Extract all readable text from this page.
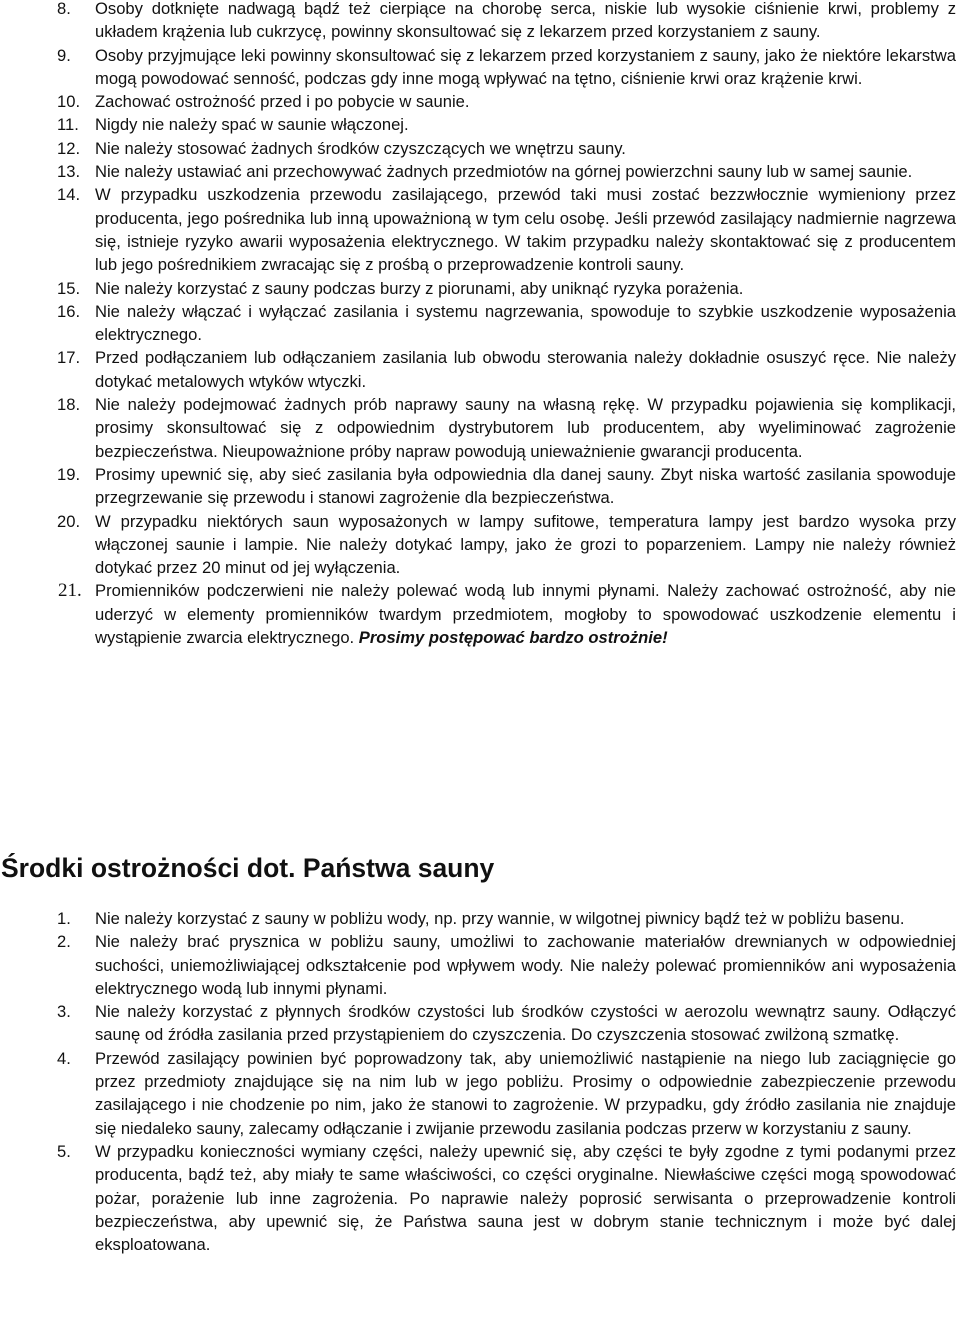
8.	Osoby dotknięte nadwagą bądź też cierpiące na chorobę serca, niskie lub wysokie ciśnienie krwi, problemy z układem krążenia lub cukrzycę, powinny skonsultować się z lekarzem przed korzystaniem z sauny.
9.	Osoby przyjmujące leki powinny skonsultować się z lekarzem przed korzystaniem z sauny, jako że niektóre lekarstwa mogą powodować senność, podczas gdy inne mogą wpływać na tętno, ciśnienie krwi oraz krążenie krwi.
10. Zachować ostrożność przed i po pobycie w saunie.
11. Nigdy nie należy spać w saunie włączonej.
12. Nie należy stosować żadnych środków czyszczących we wnętrzu sauny.
13. Nie należy ustawiać ani przechowywać żadnych przedmiotów na górnej powierzchni sauny lub w samej saunie.
14. W przypadku uszkodzenia przewodu zasilającego, przewód taki musi zostać bezzwłocznie wymieniony przez producenta, jego pośrednika lub inną upoważnioną w tym celu osobę. Jeśli przewód zasilający nadmiernie nagrzewa się, istnieje ryzyko awarii wyposażenia elektrycznego. W takim przypadku należy skontaktować się z producentem lub jego pośrednikiem zwracając się z prośbą o przeprowadzenie kontroli sauny.
15. Nie należy korzystać z sauny podczas burzy z piorunami, aby uniknąć ryzyka porażenia.
16. Nie należy włączać i wyłączać zasilania i systemu nagrzewania, spowoduje to szybkie uszkodzenie wyposażenia elektrycznego.
17. Przed podłączaniem lub odłączaniem zasilania lub obwodu sterowania należy dokładnie osuszyć ręce. Nie należy dotykać metalowych wtyków wtyczki.
18. Nie należy podejmować żadnych prób naprawy sauny na własną rękę. W przypadku pojawienia się komplikacji, prosimy skonsultować się z odpowiednim dystrybutorem lub producentem, aby wyeliminować zagrożenie bezpieczeństwa. Nieupoważnione próby napraw powodują unieważnienie gwarancji producenta.
19. Prosimy upewnić się, aby sieć zasilania była odpowiednia dla danej sauny. Zbyt niska wartość zasilania spowoduje przegrzewanie się przewodu i stanowi zagrożenie dla bezpieczeństwa.
20. W przypadku niektórych saun wyposażonych w lampy sufitowe, temperatura lampy jest bardzo wysoka przy włączonej saunie i lampie. Nie należy dotykać lampy, jako że grozi to poparzeniem. Lampy nie należy również dotykać przez 20 minut od jej wyłączenia.
21. Promienników podczerwieni nie należy polewać wodą lub innymi płynami. Należy zachować ostrożność, aby nie uderzyć w elementy promienników twardym przedmiotem, mogłoby to spowodować uszkodzenie elementu i wystąpienie zwarcia elektrycznego. Prosimy postępować bardzo ostrożnie!
Środki ostrożności dot. Państwa sauny
1.	Nie należy korzystać z sauny w pobliżu wody, np. przy wannie, w wilgotnej piwnicy bądź też w pobliżu basenu.
2.	Nie należy brać prysznica w pobliżu sauny, umożliwi to zachowanie materiałów drewnianych w odpowiedniej suchości, uniemożliwiającej odkształcenie pod wpływem wody. Nie należy polewać promienników ani wyposażenia elektrycznego wodą lub innymi płynami.
3.	Nie należy korzystać z płynnych środków czystości lub środków czystości w aerozolu wewnątrz sauny. Odłączyć saunę od źródła zasilania przed przystąpieniem do czyszczenia. Do czyszczenia stosować zwilżoną szmatkę.
4.	Przewód zasilający powinien być poprowadzony tak, aby uniemożliwić nastąpienie na niego lub zaciągnięcie go przez przedmioty znajdujące się na nim lub w jego pobliżu. Prosimy o odpowiednie zabezpieczenie przewodu zasilającego i nie chodzenie po nim, jako że stanowi to zagrożenie. W przypadku, gdy źródło zasilania nie znajduje się niedaleko sauny, zalecamy odłączanie i zwijanie przewodu zasilania podczas przerw w korzystaniu z sauny.
5.	W przypadku konieczności wymiany części, należy upewnić się, aby części te były zgodne z tymi podanymi przez producenta, bądź też, aby miały te same właściwości, co części oryginalne. Niewłaściwe części mogą spowodować pożar, porażenie lub inne zagrożenia. Po naprawie należy poprosić serwisanta o przeprowadzenie kontroli bezpieczeństwa, aby upewnić się, że Państwa sauna jest w dobrym stanie technicznym i może być dalej eksploatowana.
